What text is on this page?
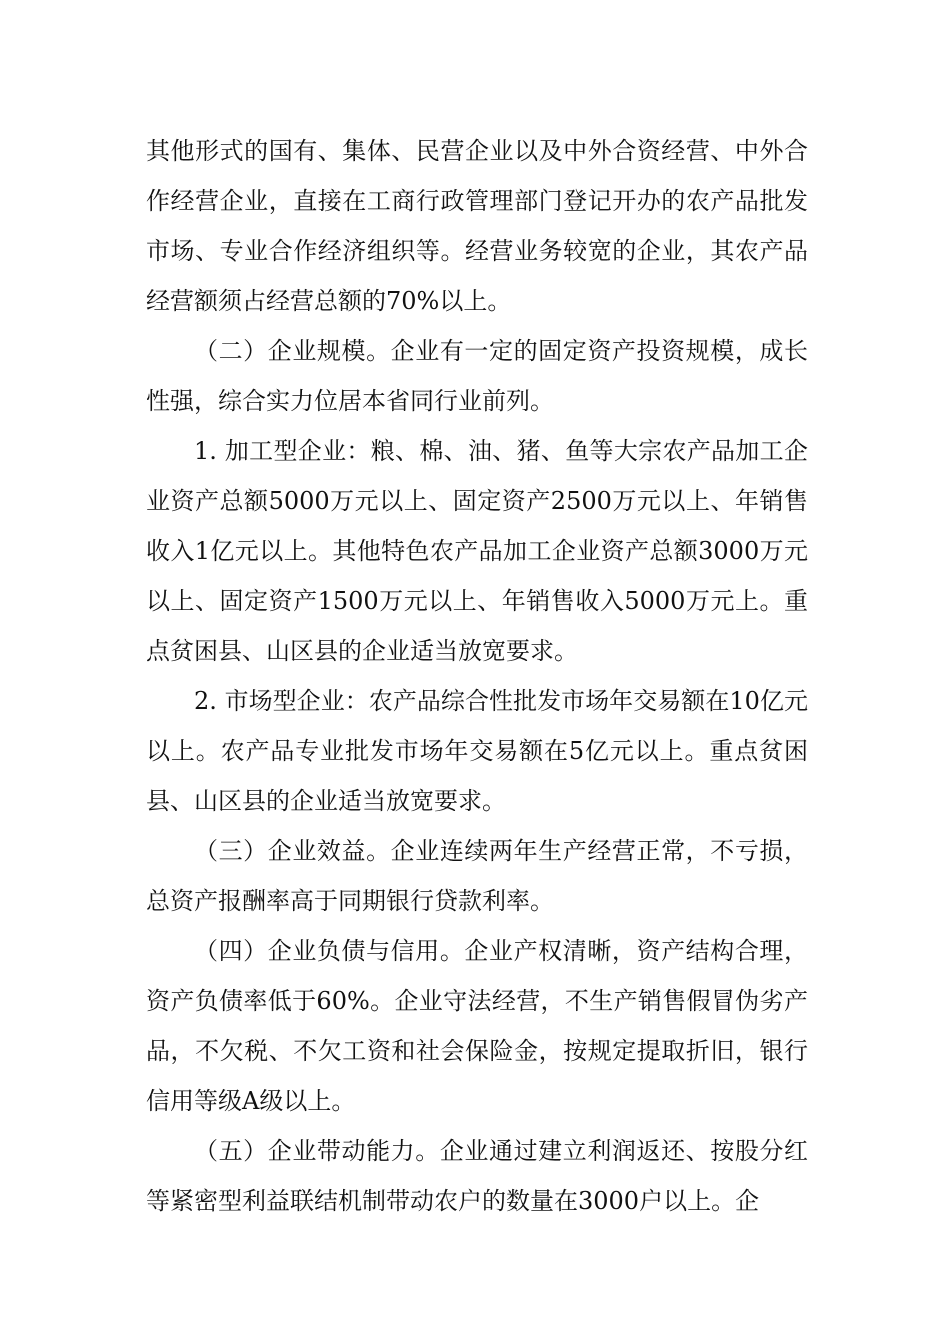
其他形式的国有、集体、民营企业以及中外合资经营、中外合作经营企业，直接在工商行政管理部门登记开办的农产品批发市场、专业合作经济组织等。经营业务较宽的企业，其农产品经营额须占经营总额的70%以上。

（二）企业规模。企业有一定的固定资产投资规模，成长性强，综合实力位居本省同行业前列。

1. 加工型企业：粮、棉、油、猪、鱼等大宗农产品加工企业资产总额5000万元以上、固定资产2500万元以上、年销售收入1亿元以上。其他特色农产品加工企业资产总额3000万元以上、固定资产1500万元以上、年销售收入5000万元上。重点贫困县、山区县的企业适当放宽要求。

2. 市场型企业：农产品综合性批发市场年交易额在10亿元以上。农产品专业批发市场年交易额在5亿元以上。重点贫困县、山区县的企业适当放宽要求。

（三）企业效益。企业连续两年生产经营正常，不亏损，总资产报酬率高于同期银行贷款利率。

（四）企业负债与信用。企业产权清晰，资产结构合理，资产负债率低于60%。企业守法经营，不生产销售假冒伪劣产品，不欠税、不欠工资和社会保险金，按规定提取折旧，银行信用等级A级以上。

（五）企业带动能力。企业通过建立利润返还、按股分红等紧密型利益联结机制带动农户的数量在3000户以上。企
